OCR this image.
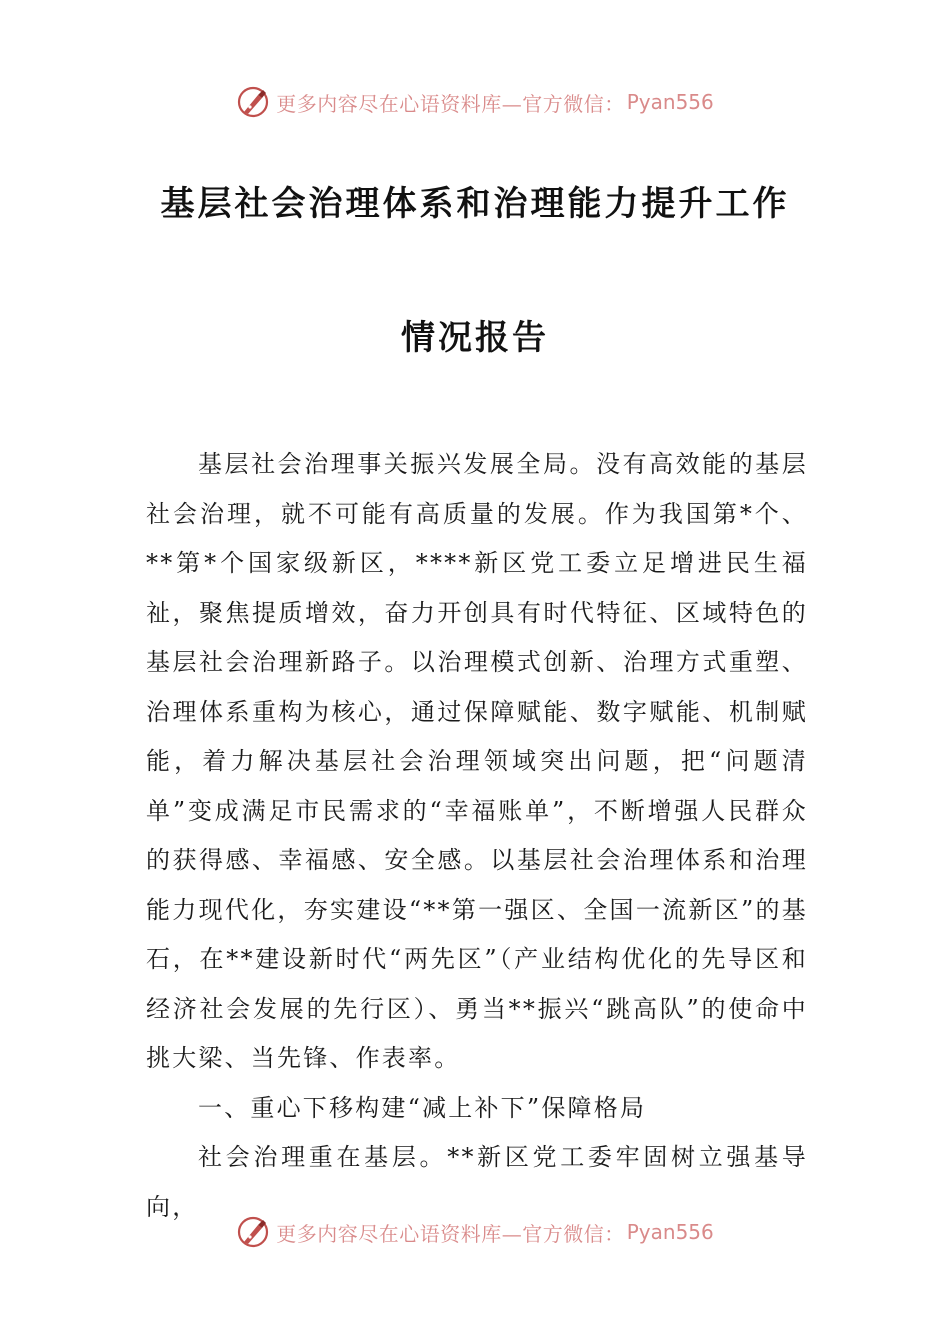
更多内容尽在心语资料库—官方微信： Pyan556
基层社会治理体系和治理能力提升工作
情况报告

基层社会治理事关振兴发展全局。没有高效能的基层社会治理，就不可能有高质量的发展。作为我国第*个、**第*个国家级新区，****新区党工委立足增进民生福祉，聚焦提质增效，奋力开创具有时代特征、区域特色的基层社会治理新路子。以治理模式创新、治理方式重塑、治理体系重构为核心，通过保障赋能、数字赋能、机制赋能，着力解决基层社会治理领域突出问题，把“问题清单”变成满足市民需求的“幸福账单”，不断增强人民群众的获得感、幸福感、安全感。以基层社会治理体系和治理能力现代化，夯实建设“**第一强区、全国一流新区”的基石，在**建设新时代“两先区”（产业结构优化的先导区和经济社会发展的先行区）、勇当**振兴“跳高队”的使命中挑大梁、当先锋、作表率。

一、重心下移构建“减上补下”保障格局

社会治理重在基层。**新区党工委牢固树立强基导向，

更多内容尽在心语资料库—官方微信： Pyan556
